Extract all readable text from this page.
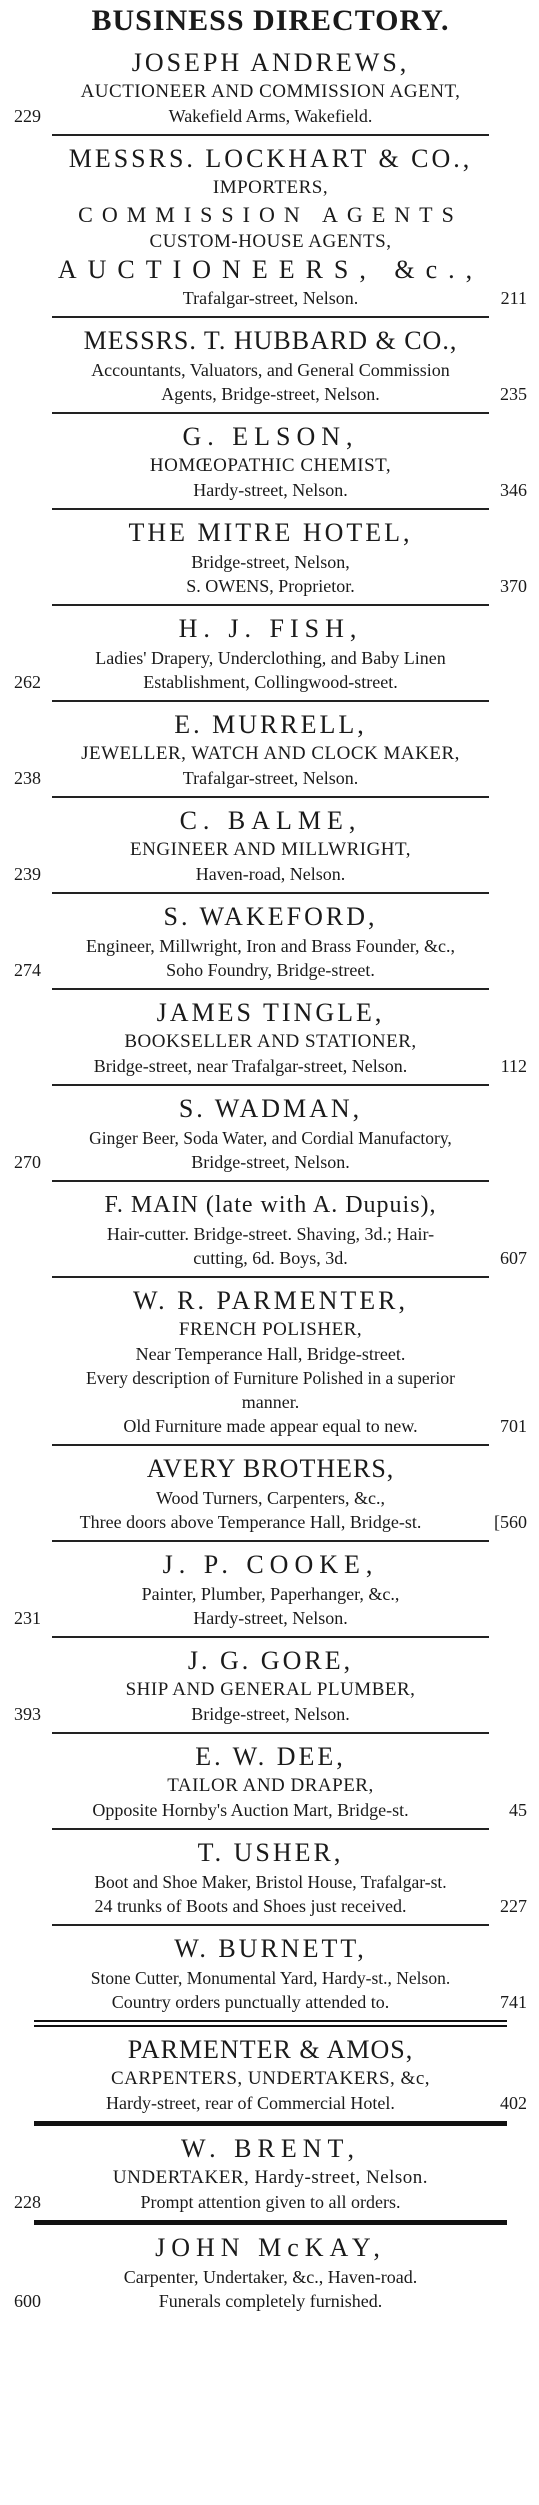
BUSINESS DIRECTORY.
JOSEPH ANDREWS,
AUCTIONEER AND COMMISSION AGENT,
229	Wakefield Arms, Wakefield.
MESSRS. LOCKHART & CO.,
IMPORTERS,
COMMISSION AGENTS
CUSTOM-HOUSE AGENTS,
AUCTIONEERS, &c.,
Trafalgar-street, Nelson.	211
MESSRS. T. HUBBARD & CO.,
Accountants, Valuators, and General Commission
Agents, Bridge-street, Nelson.	235
G. ELSON,
HOMŒOPATHIC CHEMIST,
Hardy-street, Nelson.	346
THE MITRE HOTEL,
Bridge-street, Nelson,
S. OWENS, Proprietor.	370
H. J. FISH,
Ladies' Drapery, Underclothing, and Baby Linen
262	Establishment, Collingwood-street.
E. MURRELL,
JEWELLER, WATCH AND CLOCK MAKER,
238	Trafalgar-street, Nelson.
C. BALME,
ENGINEER AND MILLWRIGHT,
239	Haven-road, Nelson.
S. WAKEFORD,
Engineer, Millwright, Iron and Brass Founder, &c.,
274	Soho Foundry, Bridge-street.
JAMES TINGLE,
BOOKSELLER AND STATIONER,
Bridge-street, near Trafalgar-street, Nelson.	112
S. WADMAN,
Ginger Beer, Soda Water, and Cordial Manufactory,
270	Bridge-street, Nelson.
F. MAIN (late with A. Dupuis),
Hair-cutter. Bridge-street. Shaving, 3d.; Hair-
cutting, 6d. Boys, 3d.	607
W. R. PARMENTER,
FRENCH POLISHER,
Near Temperance Hall, Bridge-street.
Every description of Furniture Polished in a superior
manner.
Old Furniture made appear equal to new.	701
AVERY BROTHERS,
Wood Turners, Carpenters, &c.,
Three doors above Temperance Hall, Bridge-st.	[560
J. P. COOKE,
Painter, Plumber, Paperhanger, &c.,
231	Hardy-street, Nelson.
J. G. GORE,
SHIP AND GENERAL PLUMBER,
393	Bridge-street, Nelson.
E. W. DEE,
TAILOR AND DRAPER,
Opposite Hornby's Auction Mart, Bridge-st.	45
T. USHER,
Boot and Shoe Maker, Bristol House, Trafalgar-st.
24 trunks of Boots and Shoes just received.	227
W. BURNETT,
Stone Cutter, Monumental Yard, Hardy-st., Nelson.
Country orders punctually attended to.	741
PARMENTER & AMOS,
CARPENTERS, UNDERTAKERS, &c,
Hardy-street, rear of Commercial Hotel.	402
W. BRENT,
UNDERTAKER, Hardy-street, Nelson.
228	Prompt attention given to all orders.
JOHN McKAY,
Carpenter, Undertaker, &c., Haven-road.
600	Funerals completely furnished.
